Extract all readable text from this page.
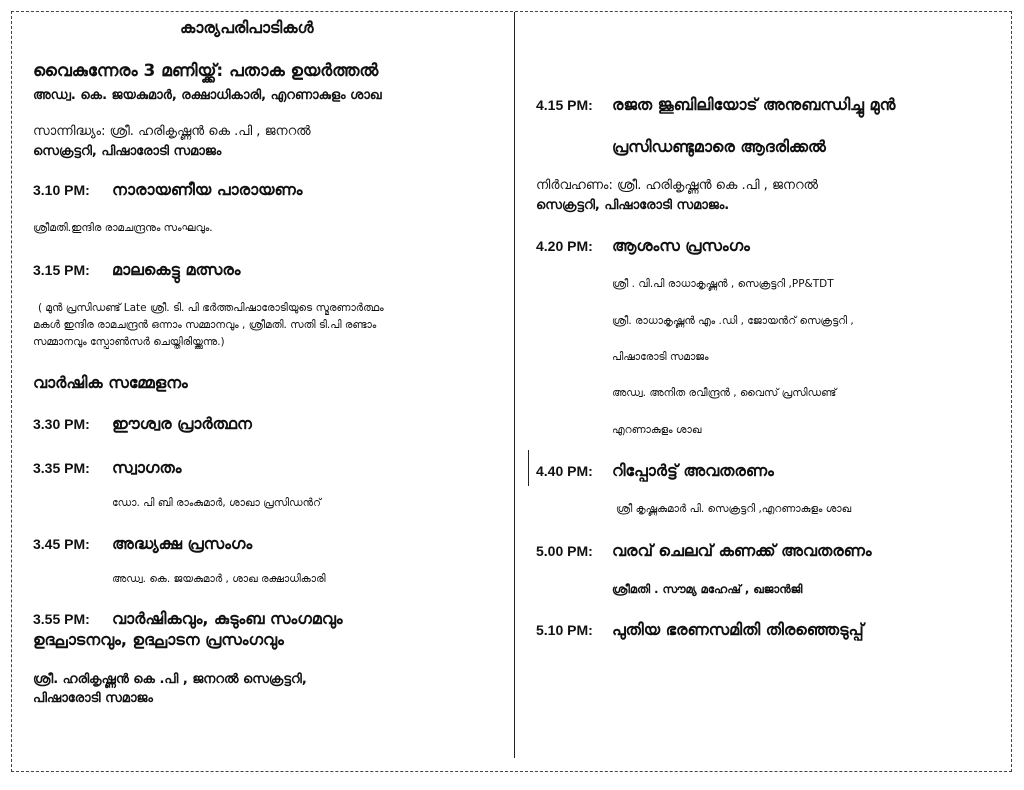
കാര്യപരിപാടികൾ
വൈകുന്നേരം 3 മണിയ്ക്ക്: പതാക ഉയർത്തൽ
അഡ്വ. കെ. ജയകുമാർ, രക്ഷാധികാരി, എറണാകുളം ശാഖ
സാന്നിദ്ധ്യം: ശ്രീ. ഹരികൃഷ്ണൻ കെ .പി , ജനറൽ
സെക്രട്ടറി, പിഷാരോടി സമാജം
3.10 PM: നാരായണീയ പാരായണം
ശ്രീമതി.ഇന്ദിര രാമചന്ദ്രനും സംഘവും.
3.15 PM: മാലകെട്ടു മത്സരം
( മുൻ പ്രസിഡണ്ട് Late ശ്രീ. ടി. പി ഭർത്തപിഷാരോടിയുടെ സ്മരണാർത്ഥം
മകൾ ഇന്ദിര രാമചന്ദ്രൻ ഒന്നാം സമ്മാനവും , ശ്രീമതി. സതി ടി.പി രണ്ടാം
സമ്മാനവും സ്പോൺസർ ചെയ്തിരിയ്ക്കുന്നു.)
വാർഷിക സമ്മേളനം
3.30 PM: ഈശ്വര പ്രാർത്ഥന
3.35 PM: സ്വാഗതം
ഡോ. പി ബി രാംകുമാർ, ശാഖാ പ്രസിഡൻറ്
3.45 PM: അദ്ധ്യക്ഷ പ്രസംഗം
അഡ്വ. കെ. ജയകുമാർ , ശാഖ രക്ഷാധികാരി
3.55 PM: വാർഷികവും, കുടുംബ സംഗമവും
ഉദ്ഘാടനവും, ഉദ്ഘാടന പ്രസംഗവും
ശ്രീ. ഹരികൃഷ്ണൻ കെ .പി , ജനറൽ സെക്രട്ടറി,
പിഷാരോടി സമാജം
4.15 PM: രജത ജൂബിലിയോട് അനുബന്ധിച്ചു മുൻ
പ്രസിഡണ്ടുമാരെ ആദരിക്കൽ
നിർവഹണം: ശ്രീ. ഹരികൃഷ്ണൻ കെ .പി , ജനറൽ
സെക്രട്ടറി, പിഷാരോടി സമാജം.
4.20 PM: ആശംസ പ്രസംഗം
ശ്രീ . വി.പി രാധാകൃഷ്ണൻ , സെക്രട്ടറി ,PP&TDT
ശ്രീ. രാധാകൃഷ്ണൻ എം .ഡി , ജോയൻറ് സെക്രട്ടറി ,
പിഷാരോടി സമാജം
അഡ്വ. അനിത രവീന്ദ്രൻ , വൈസ് പ്രസിഡണ്ട്
എറണാകുളം ശാഖ
4.40 PM: റിപ്പോർട്ട് അവതരണം
ശ്രീ കൃഷ്ണകുമാർ പി. സെക്രട്ടറി ,എറണാകുളം ശാഖ
5.00 PM: വരവ് ചെലവ് കണക്ക് അവതരണം
ശ്രീമതി . സൗമ്യ മഹേഷ് , ഖജാൻജി
5.10 PM: പുതിയ ഭരണസമിതി തിരഞ്ഞെടുപ്പ്
